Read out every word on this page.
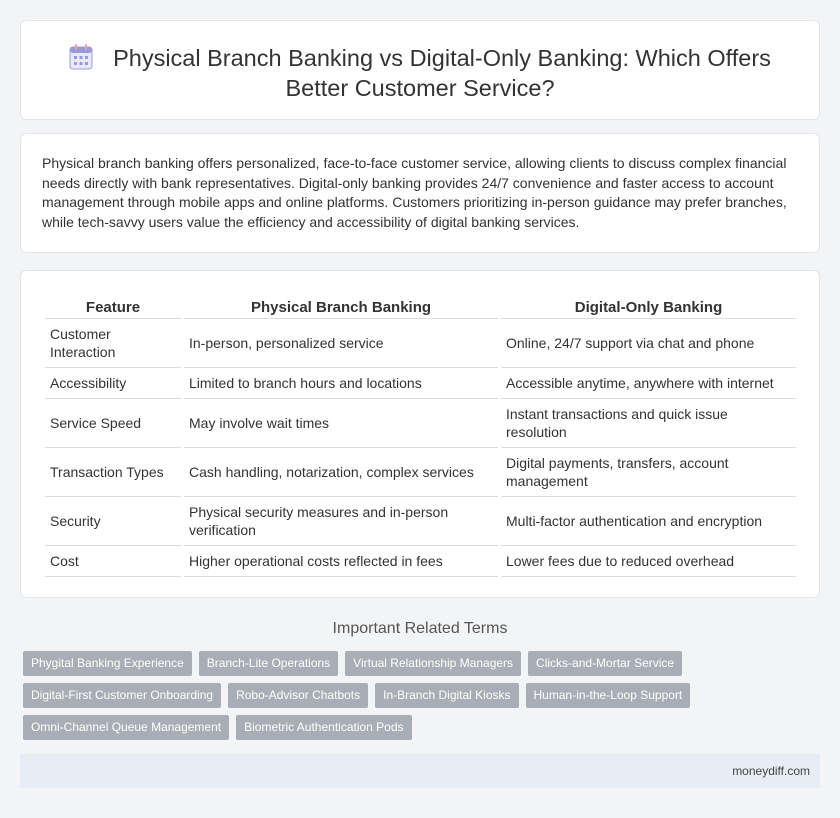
Physical Branch Banking vs Digital-Only Banking: Which Offers Better Customer Service?

Physical branch banking offers personalized, face-to-face customer service, allowing clients to discuss complex financial needs directly with bank representatives. Digital-only banking provides 24/7 convenience and faster access to account management through mobile apps and online platforms. Customers prioritizing in-person guidance may prefer branches, while tech-savvy users value the efficiency and accessibility of digital banking services.

Feature	Physical Branch Banking	Digital-Only Banking
Customer Interaction	In-person, personalized service	Online, 24/7 support via chat and phone
Accessibility	Limited to branch hours and locations	Accessible anytime, anywhere with internet
Service Speed	May involve wait times	Instant transactions and quick issue resolution
Transaction Types	Cash handling, notarization, complex services	Digital payments, transfers, account management
Security	Physical security measures and in-person verification	Multi-factor authentication and encryption
Cost	Higher operational costs reflected in fees	Lower fees due to reduced overhead
Important Related Terms
Phygital Banking Experience	Branch-Lite Operations	Virtual Relationship Managers	Clicks-and-Mortar Service
Digital-First Customer Onboarding	Robo-Advisor Chatbots	In-Branch Digital Kiosks	Human-in-the-Loop Support
Omni-Channel Queue Management	Biometric Authentication Pods
moneydiff.com
